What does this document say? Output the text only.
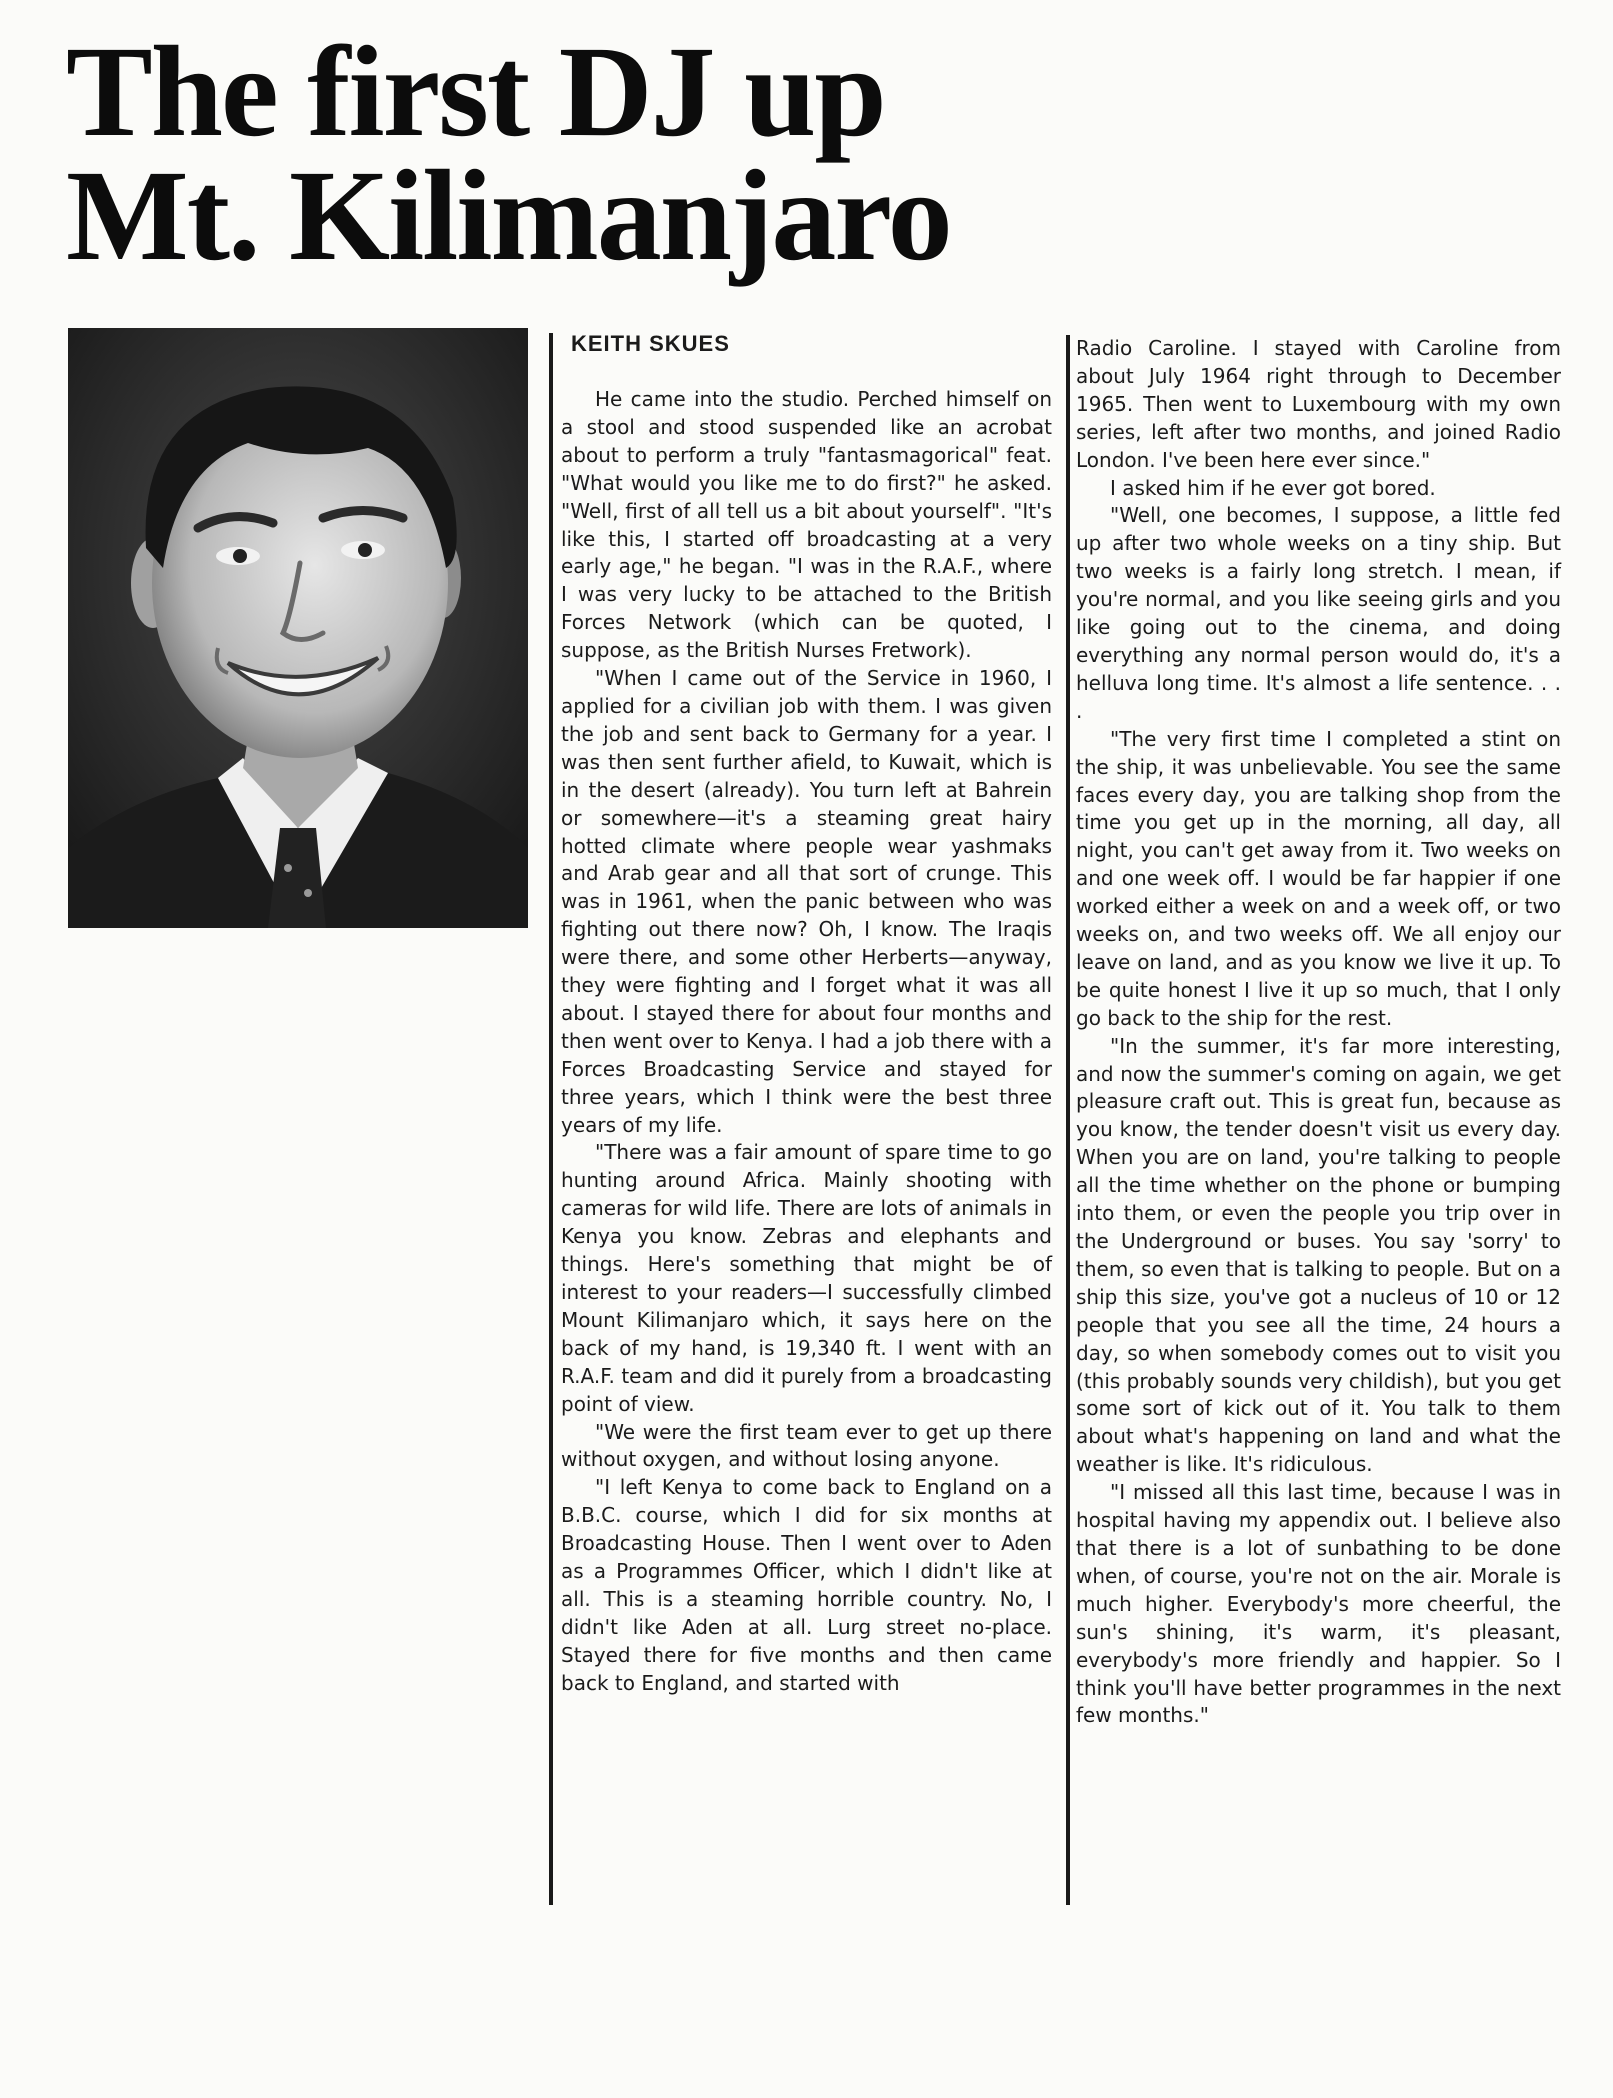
The first DJ up
Mt. Kilimanjaro
KEITH SKUES

He came into the studio. Perched himself on a stool and stood suspended like an acrobat about to perform a truly "fantasmagorical" feat. "What would you like me to do first?" he asked. "Well, first of all tell us a bit about yourself". "It's like this, I started off broadcasting at a very early age," he began. "I was in the R.A.F., where I was very lucky to be attached to the British Forces Network (which can be quoted, I suppose, as the British Nurses Fretwork).

"When I came out of the Service in 1960, I applied for a civilian job with them. I was given the job and sent back to Germany for a year. I was then sent further afield, to Kuwait, which is in the desert (already). You turn left at Bahrein or somewhere—it's a steaming great hairy hotted climate where people wear yashmaks and Arab gear and all that sort of crunge. This was in 1961, when the panic between who was fighting out there now? Oh, I know. The Iraqis were there, and some other Herberts—anyway, they were fighting and I forget what it was all about. I stayed there for about four months and then went over to Kenya. I had a job there with a Forces Broadcasting Service and stayed for three years, which I think were the best three years of my life.

"There was a fair amount of spare time to go hunting around Africa. Mainly shooting with cameras for wild life. There are lots of animals in Kenya you know. Zebras and elephants and things. Here's something that might be of interest to your readers—I successfully climbed Mount Kilimanjaro which, it says here on the back of my hand, is 19,340 ft. I went with an R.A.F. team and did it purely from a broadcasting point of view.

"We were the first team ever to get up there without oxygen, and without losing anyone.

"I left Kenya to come back to England on a B.B.C. course, which I did for six months at Broadcasting House. Then I went over to Aden as a Programmes Officer, which I didn't like at all. This is a steaming horrible country. No, I didn't like Aden at all. Lurg street no-place. Stayed there for five months and then came back to England, and started with

Radio Caroline. I stayed with Caroline from about July 1964 right through to December 1965. Then went to Luxembourg with my own series, left after two months, and joined Radio London. I've been here ever since."

I asked him if he ever got bored.

"Well, one becomes, I suppose, a little fed up after two whole weeks on a tiny ship. But two weeks is a fairly long stretch. I mean, if you're normal, and you like seeing girls and you like going out to the cinema, and doing everything any normal person would do, it's a helluva long time. It's almost a life sentence. . . .

"The very first time I completed a stint on the ship, it was unbelievable. You see the same faces every day, you are talking shop from the time you get up in the morning, all day, all night, you can't get away from it. Two weeks on and one week off. I would be far happier if one worked either a week on and a week off, or two weeks on, and two weeks off. We all enjoy our leave on land, and as you know we live it up. To be quite honest I live it up so much, that I only go back to the ship for the rest.

"In the summer, it's far more interesting, and now the summer's coming on again, we get pleasure craft out. This is great fun, because as you know, the tender doesn't visit us every day. When you are on land, you're talking to people all the time whether on the phone or bumping into them, or even the people you trip over in the Underground or buses. You say 'sorry' to them, so even that is talking to people. But on a ship this size, you've got a nucleus of 10 or 12 people that you see all the time, 24 hours a day, so when somebody comes out to visit you (this probably sounds very childish), but you get some sort of kick out of it. You talk to them about what's happening on land and what the weather is like. It's ridiculous.

"I missed all this last time, because I was in hospital having my appendix out. I believe also that there is a lot of sunbathing to be done when, of course, you're not on the air. Morale is much higher. Everybody's more cheerful, the sun's shining, it's warm, it's pleasant, everybody's more friendly and happier. So I think you'll have better programmes in the next few months."
